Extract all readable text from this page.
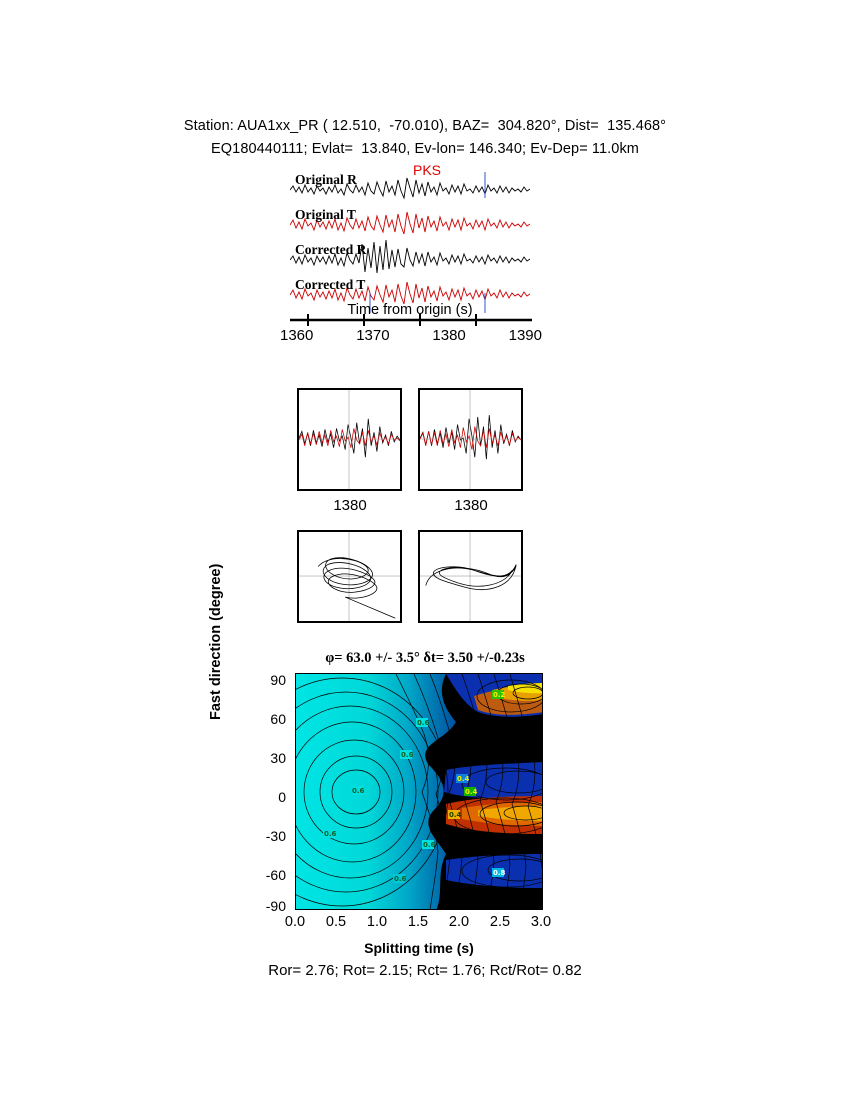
Station: AUA1xx_PR ( 12.510,  -70.010), BAZ=  304.820°, Dist=  135.468°
EQ180440111; Evlat=  13.840, Ev-lon= 146.340; Ev-Dep= 11.0km
Original R
Original T
Corrected R
Corrected T
PKS
Time from origin (s)
1360	1370	1380	1390
1380	1380
φ= 63.0 +/- 3.5° δt= 3.50 +/-0.23s
Fast direction (degree)
0.6
0.6
0.6
0.6
0.6
0.6
0.4
0.4
0.4
0.2
0.8
90
60
30
0
-30
-60
-90
0.0	0.5	1.0	1.5	2.0	2.5	3.0
Splitting time (s)
Ror= 2.76; Rot= 2.15; Rct= 1.76; Rct/Rot= 0.82
